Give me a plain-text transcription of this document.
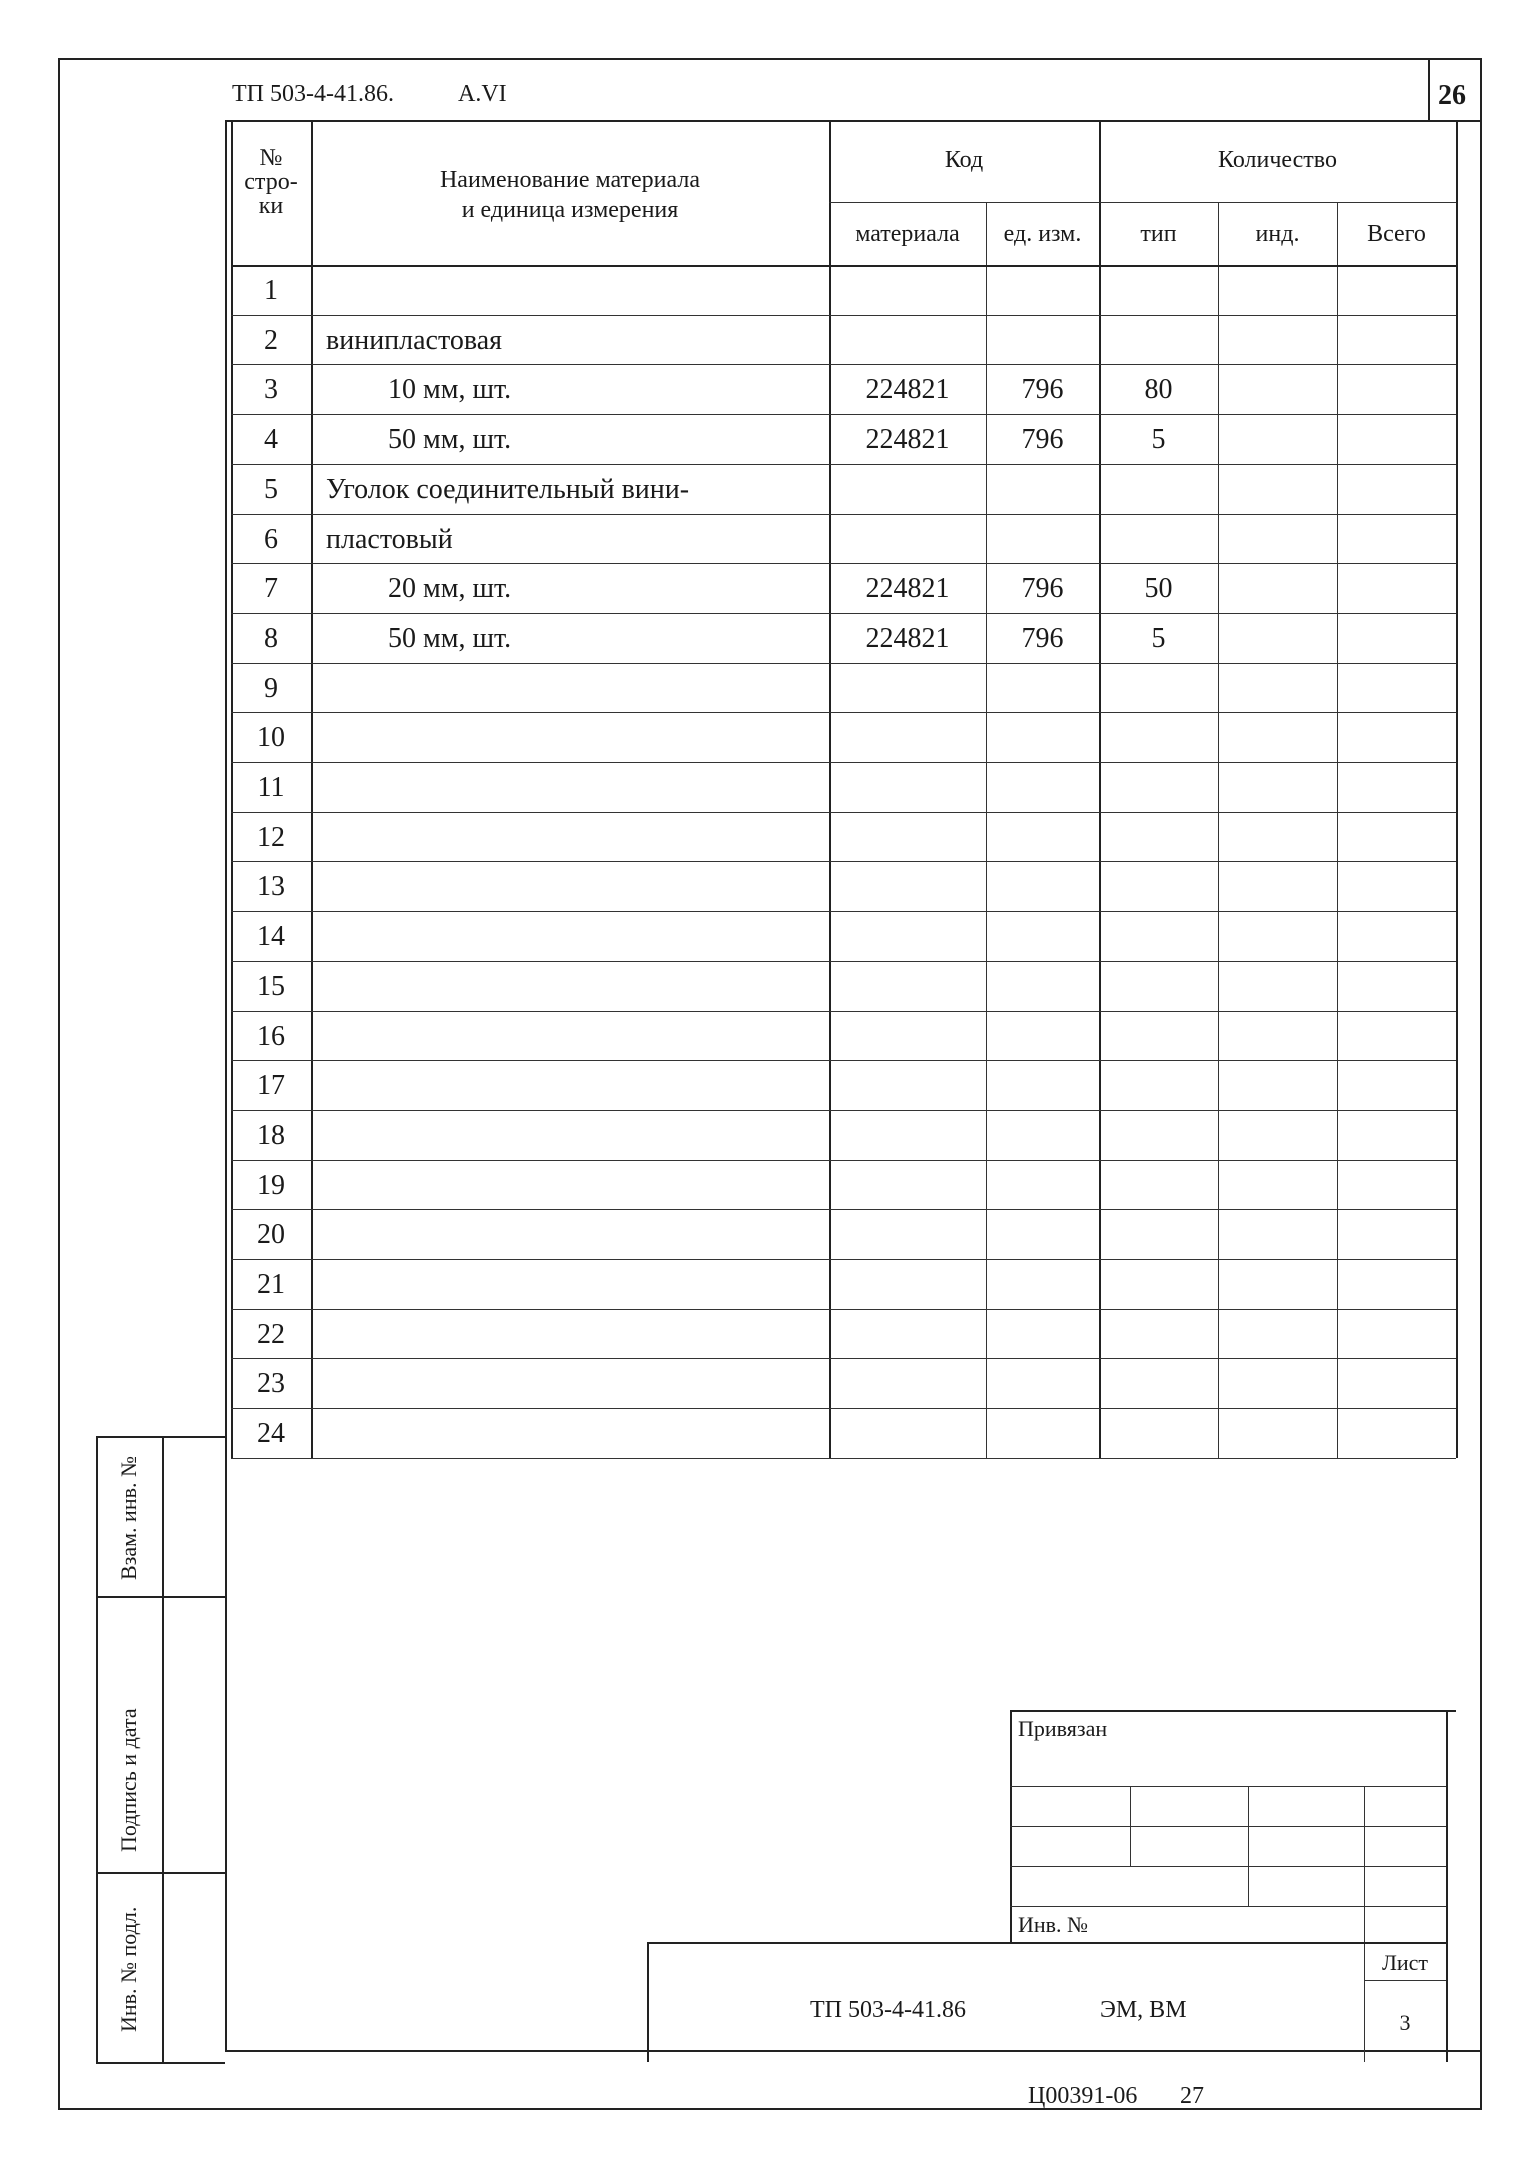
ТП 503-4-41.86.	A.VI	26
№
стро-
ки
Наименование материала
и единица измерения
Код
материала	ед. изм.
Количество
тип	инд.	Всего
1
2	винипластовая
3	10 мм, шт.	224821	796	80
4	50 мм, шт.	224821	796	5
5	Уголок соединительный вини-
6	пластовый
7	20 мм, шт.	224821	796	50
8	50 мм, шт.	224821	796	5
9
10
11
12
13
14
15
16
17
18
19
20
21
22
23
24
Взам. инв. №
Подпись и дата
Инв. № подл.
Привязан
Инв. №
ТП 503-4-41.86	ЭМ, ВМ
Лист
3
Ц00391-06 27
